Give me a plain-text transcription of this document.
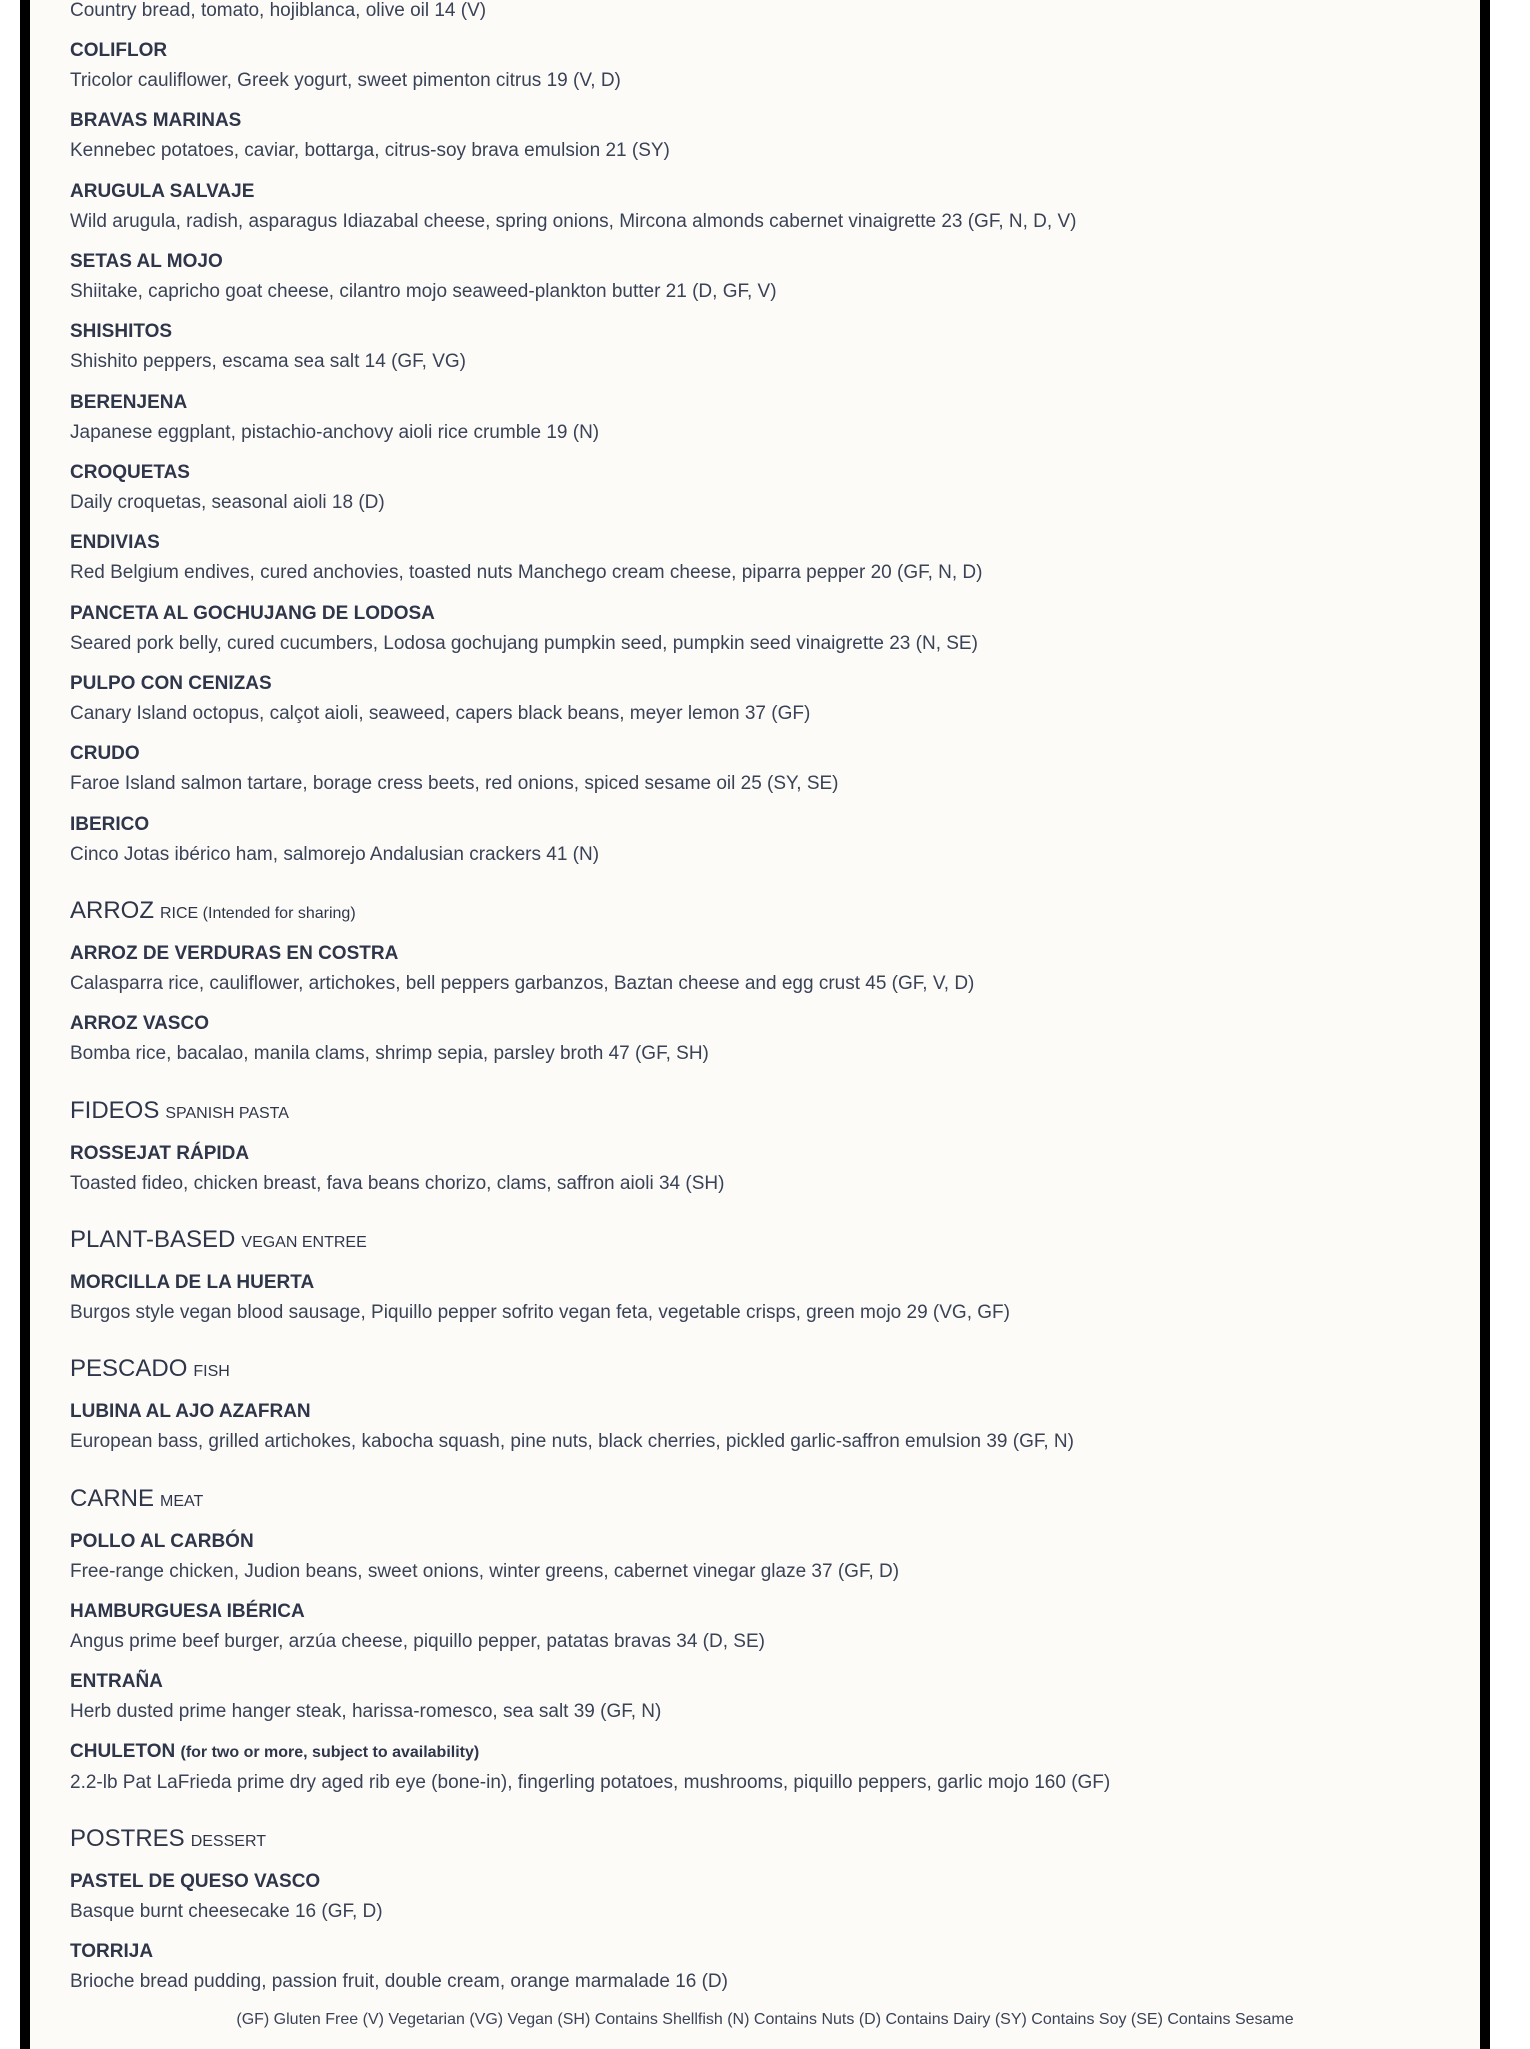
Country bread, tomato, hojiblanca, olive oil 14 (V)
COLIFLOR
Tricolor cauliflower, Greek yogurt, sweet pimenton citrus 19 (V, D)
BRAVAS MARINAS
Kennebec potatoes, caviar, bottarga, citrus-soy brava emulsion 21 (SY)
ARUGULA SALVAJE
Wild arugula, radish, asparagus Idiazabal cheese, spring onions, Mircona almonds cabernet vinaigrette 23 (GF, N, D, V)
SETAS AL MOJO
Shiitake, capricho goat cheese, cilantro mojo seaweed-plankton butter 21 (D, GF, V)
SHISHITOS
Shishito peppers, escama sea salt 14 (GF, VG)
BERENJENA
Japanese eggplant, pistachio-anchovy aioli rice crumble 19 (N)
CROQUETAS
Daily croquetas, seasonal aioli 18 (D)
ENDIVIAS
Red Belgium endives, cured anchovies, toasted nuts Manchego cream cheese, piparra pepper 20 (GF, N, D)
PANCETA AL GOCHUJANG DE LODOSA
Seared pork belly, cured cucumbers, Lodosa gochujang pumpkin seed, pumpkin seed vinaigrette 23 (N, SE)
PULPO CON CENIZAS
Canary Island octopus, calçot aioli, seaweed, capers black beans, meyer lemon 37 (GF)
CRUDO
Faroe Island salmon tartare, borage cress beets, red onions, spiced sesame oil 25 (SY, SE)
IBERICO
Cinco Jotas ibérico ham, salmorejo Andalusian crackers 41 (N)
ARROZ RICE (Intended for sharing)
ARROZ DE VERDURAS EN COSTRA
Calasparra rice, cauliflower, artichokes, bell peppers garbanzos, Baztan cheese and egg crust 45 (GF, V, D)
ARROZ VASCO
Bomba rice, bacalao, manila clams, shrimp sepia, parsley broth 47 (GF, SH)
FIDEOS SPANISH PASTA
ROSSEJAT RÁPIDA
Toasted fideo, chicken breast, fava beans chorizo, clams, saffron aioli 34 (SH)
PLANT-BASED VEGAN ENTREE
MORCILLA DE LA HUERTA
Burgos style vegan blood sausage, Piquillo pepper sofrito vegan feta, vegetable crisps, green mojo 29 (VG, GF)
PESCADO FISH
LUBINA AL AJO AZAFRAN
European bass, grilled artichokes, kabocha squash, pine nuts, black cherries, pickled garlic-saffron emulsion 39 (GF, N)
CARNE MEAT
POLLO AL CARBÓN
Free-range chicken, Judion beans, sweet onions, winter greens, cabernet vinegar glaze 37 (GF, D)
HAMBURGUESA IBÉRICA
Angus prime beef burger, arzúa cheese, piquillo pepper, patatas bravas 34 (D, SE)
ENTRAÑA
Herb dusted prime hanger steak, harissa-romesco, sea salt 39 (GF, N)
CHULETON (for two or more, subject to availability)
2.2-lb Pat LaFrieda prime dry aged rib eye (bone-in), fingerling potatoes, mushrooms, piquillo peppers, garlic mojo 160 (GF)
POSTRES DESSERT
PASTEL DE QUESO VASCO
Basque burnt cheesecake 16 (GF, D)
TORRIJA
Brioche bread pudding, passion fruit, double cream, orange marmalade 16 (D)
(GF) Gluten Free (V) Vegetarian (VG) Vegan (SH) Contains Shellfish (N) Contains Nuts (D) Contains Dairy (SY) Contains Soy (SE) Contains Sesame
